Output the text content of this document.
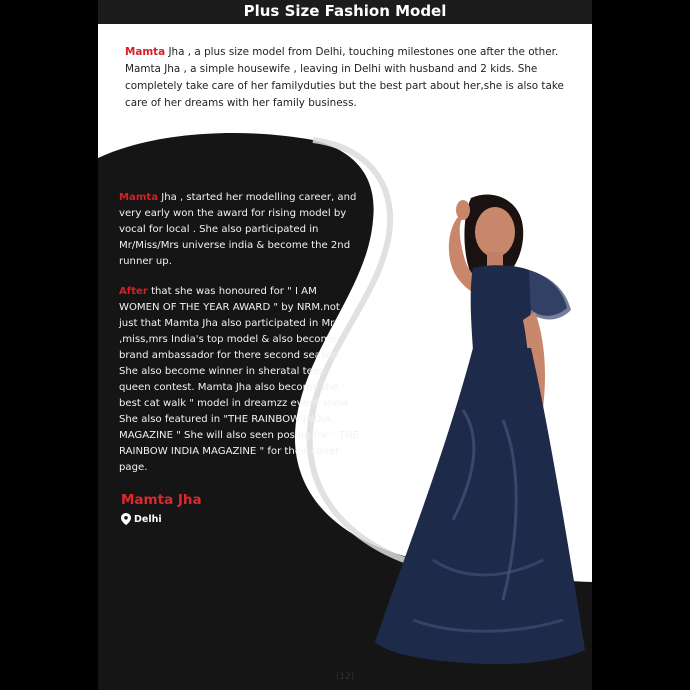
Plus Size Fashion Model
Mamta Jha , a plus size model from Delhi, touching milestones one after the other. Mamta Jha , a simple housewife , leaving in Delhi with husband and 2 kids. She completely take care of her familyduties but the best part about her,she is also take care of her dreams with her family business.

Mamta Jha , started her modelling career, and very early won the award for rising model by vocal for local . She also participated in Mr/Miss/Mrs universe india & become the 2nd runner up.

After that she was honoured for " I AM WOMEN OF THE YEAR AWARD " by NRM.not just that Mamta Jha also participated in Mr ,miss,mrs India's top model & also become brand ambassador for there second season. She also become winner in sheratal teez queen contest. Mamta Jha also become the " best cat walk " model in dreamzz event show . She also featured in "THE RAINBOW INDIA MAGAZINE " She will also seen posing for " THE RAINBOW INDIA MAGAZINE " for their cover page.

Mamta Jha
Delhi
(12)
